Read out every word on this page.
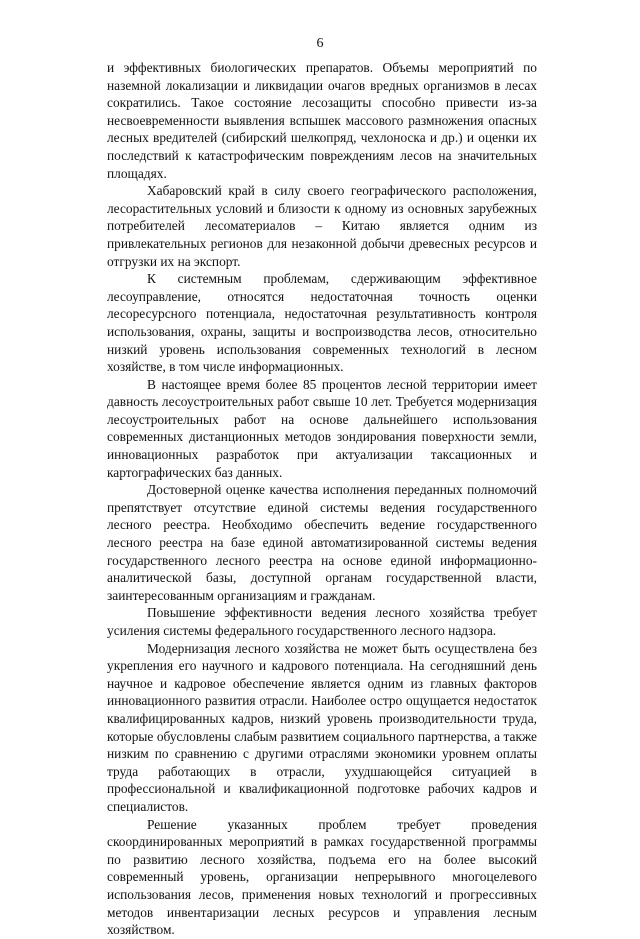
6

и эффективных биологических препаратов. Объемы мероприятий по наземной локализации и ликвидации очагов вредных организмов в лесах сократились. Такое состояние лесозащиты способно привести из-за несвоевременности выявления вспышек массового размножения опасных лесных вредителей (сибирский шелкопряд, чехлоноска и др.) и оценки их последствий к катастрофическим повреждениям лесов на значительных площадях.

Хабаровский край в силу своего географического расположения, лесорастительных условий и близости к одному из основных зарубежных потребителей лесоматериалов – Китаю является одним из привлекательных регионов для незаконной добычи древесных ресурсов и отгрузки их на экспорт.

К системным проблемам, сдерживающим эффективное лесоуправление, относятся недостаточная точность оценки лесоресурсного потенциала, недостаточная результативность контроля использования, охраны, защиты и воспроизводства лесов, относительно низкий уровень использования современных технологий в лесном хозяйстве, в том числе информационных.

В настоящее время более 85 процентов лесной территории имеет давность лесоустроительных работ свыше 10 лет. Требуется модернизация лесоустроительных работ на основе дальнейшего использования современных дистанционных методов зондирования поверхности земли, инновационных разработок при актуализации таксационных и картографических баз данных.

Достоверной оценке качества исполнения переданных полномочий препятствует отсутствие единой системы ведения государственного лесного реестра. Необходимо обеспечить ведение государственного лесного реестра на базе единой автоматизированной системы ведения государственного лесного реестра на основе единой информационно-аналитической базы, доступной органам государственной власти, заинтересованным организациям и гражданам.

Повышение эффективности ведения лесного хозяйства требует усиления системы федерального государственного лесного надзора.

Модернизация лесного хозяйства не может быть осуществлена без укрепления его научного и кадрового потенциала. На сегодняшний день научное и кадровое обеспечение является одним из главных факторов инновационного развития отрасли. Наиболее остро ощущается недостаток квалифицированных кадров, низкий уровень производительности труда, которые обусловлены слабым развитием социального партнерства, а также низким по сравнению с другими отраслями экономики уровнем оплаты труда работающих в отрасли, ухудшающейся ситуацией в профессиональной и квалификационной подготовке рабочих кадров и специалистов.

Решение указанных проблем требует проведения скоординированных мероприятий в рамках государственной программы по развитию лесного хозяйства, подъема его на более высокий современный уровень, организации непрерывного многоцелевого использования лесов, применения новых технологий и прогрессивных методов инвентаризации лесных ресурсов и управления лесным хозяйством.
